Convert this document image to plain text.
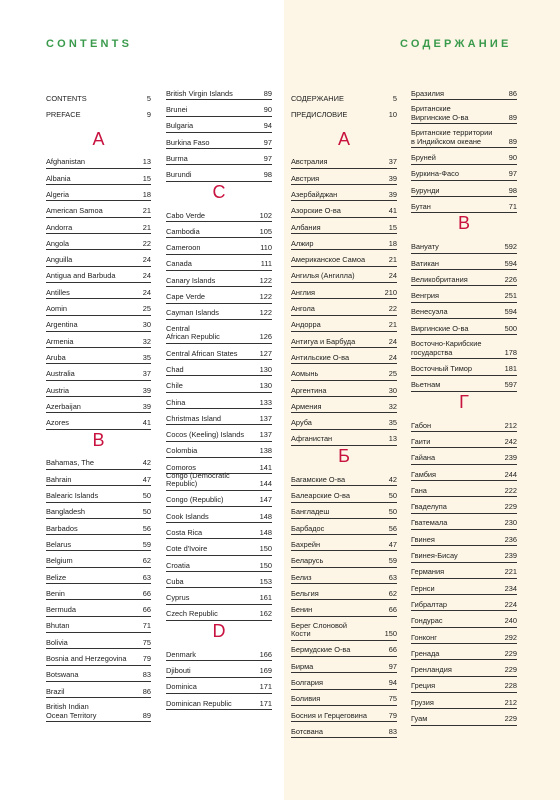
CONTENTS	СОДЕРЖАНИЕ
CONTENTS	5
PREFACE	9
A
Afghanistan	13
Albania	15
Algeria	18
American Samoa	21
Andorra	21
Angola	22
Anguilla	24
Antigua and Barbuda	24
Antilles	24
Aomin	25
Argentina	30
Armenia	32
Aruba	35
Australia	37
Austria	39
Azerbaijan	39
Azores	41
B
Bahamas, The	42
Bahrain	47
Balearic Islands	50
Bangladesh	50
Barbados	56
Belarus	59
Belgium	62
Belize	63
Benin	66
Bermuda	66
Bhutan	71
Bolivia	75
Bosnia and Herzegovina	79
Botswana	83
Brazil	86
British Indian
Ocean Territory	89
British Virgin Islands	89
Brunei	90
Bulgaria	94
Burkina Faso	97
Burma	97
Burundi	98
C
Cabo Verde	102
Cambodia	105
Cameroon	110
Canada	111
Canary Islands	122
Cape Verde	122
Cayman Islands	122
Central
African Republic	126
Central African States	127
Chad	130
Chile	130
China	133
Christmas Island	137
Cocos (Keeling) Islands	137
Colombia	138
Comoros	141
Congo (Democratic Republic)	144
Congo (Republic)	147
Cook Islands	148
Costa Rica	148
Cote d'Ivoire	150
Croatia	150
Cuba	153
Cyprus	161
Czech Republic	162
D
Denmark	166
Djibouti	169
Dominica	171
Dominican Republic	171
СОДЕРЖАНИЕ	5
ПРЕДИСЛОВИЕ	10
А
Австралия	37
Австрия	39
Азербайджан	39
Азорские О-ва	41
Албания	15
Алжир	18
Американское Самоа	21
Ангилья (Ангилла)	24
Англия	210
Ангола	22
Андорра	21
Антигуа и Барбуда	24
Антильские О-ва	24
Аомынь	25
Аргентина	30
Армения	32
Аруба	35
Афганистан	13
Б
Багамские О-ва	42
Балеарские О-ва	50
Бангладеш	50
Барбадос	56
Бахрейн	47
Беларусь	59
Белиз	63
Бельгия	62
Бенин	66
Берег Слоновой
Кости	150
Бермудские О-ва	66
Бирма	97
Болгария	94
Боливия	75
Босния и Герцеговина	79
Ботсвана	83
Бразилия	86
Британские
Виргинские О-ва	89
Британские территории
в Индийском океане	89
Бруней	90
Буркина-Фасо	97
Бурунди	98
Бутан	71
В
Вануату	592
Ватикан	594
Великобритания	226
Венгрия	251
Венесуэла	594
Виргинские О-ва	500
Восточно-Карибские
государства	178
Восточный Тимор	181
Вьетнам	597
Г
Габон	212
Гаити	242
Гайана	239
Гамбия	244
Гана	222
Гваделупа	229
Гватемала	230
Гвинея	236
Гвинея-Бисау	239
Германия	221
Гернси	234
Гибралтар	224
Гондурас	240
Гонконг	292
Гренада	229
Гренландия	229
Греция	228
Грузия	212
Гуам	229
